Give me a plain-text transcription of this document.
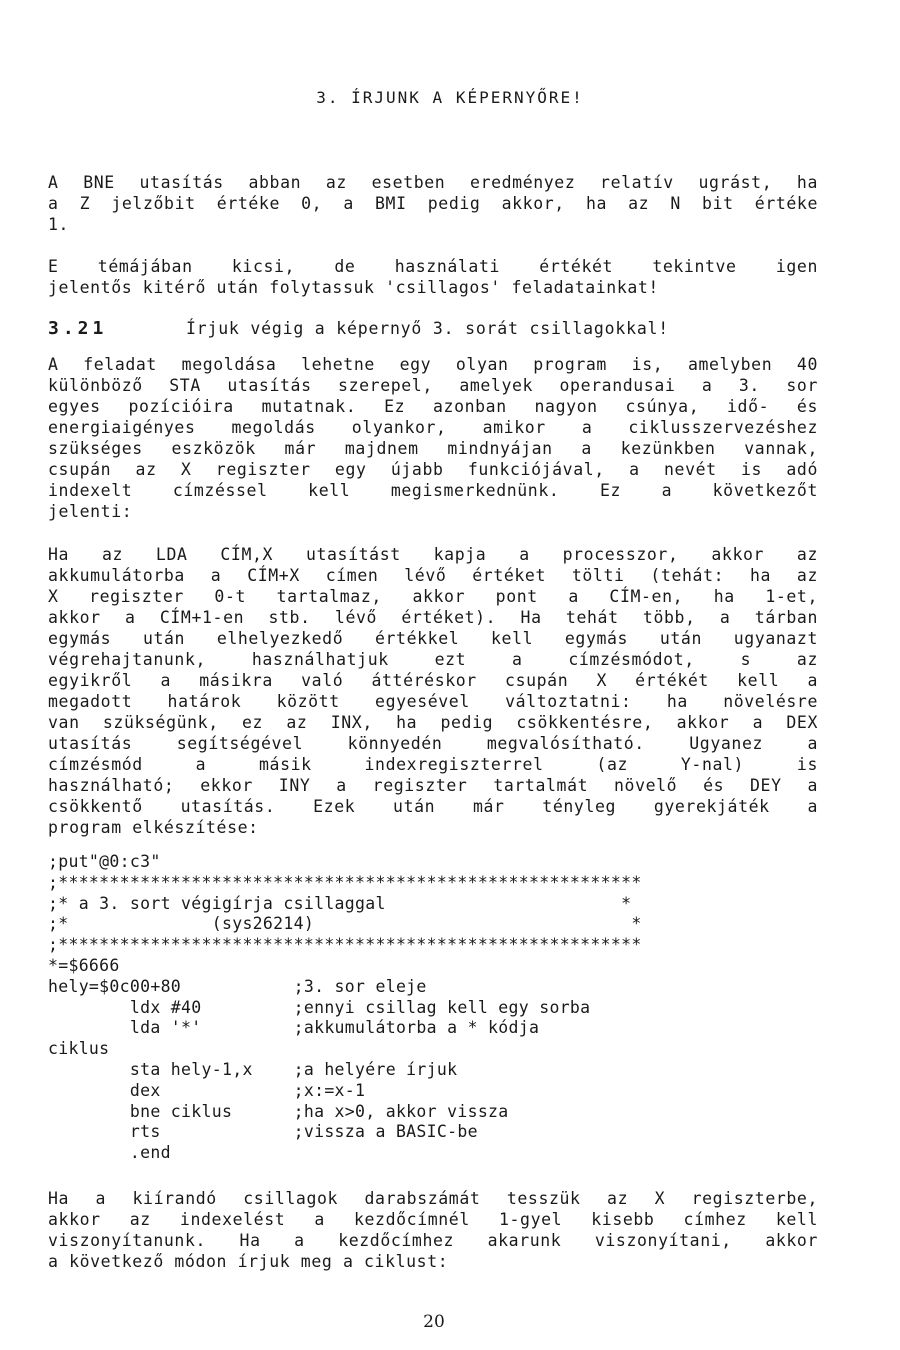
3. ÍRJUNK A KÉPERNYŐRE!
A BNE utasítás abban az esetben eredményez relatív ugrást, ha
a Z jelzőbit értéke 0, a BMI pedig akkor, ha az N bit értéke
1.
E témájában kicsi, de használati értékét tekintve igen
jelentős kitérő után folytassuk 'csillagos' feladatainkat!
3.21	Írjuk végig a képernyő 3. sorát csillagokkal!
A feladat megoldása lehetne egy olyan program is, amelyben 40
különböző STA utasítás szerepel, amelyek operandusai a 3. sor
egyes pozícióira mutatnak. Ez azonban nagyon csúnya, idő- és
energiaigényes megoldás olyankor, amikor a ciklusszervezéshez
szükséges eszközök már majdnem mindnyájan a kezünkben vannak,
csupán az X regiszter egy újabb funkciójával, a nevét is adó
indexelt címzéssel kell megismerkednünk. Ez a következőt
jelenti:
Ha az LDA CÍM,X utasítást kapja a processzor, akkor az
akkumulátorba a CÍM+X címen lévő értéket tölti (tehát: ha az
X regiszter 0-t tartalmaz, akkor pont a CÍM-en, ha 1-et,
akkor a CÍM+1-en stb. lévő értéket). Ha tehát több, a tárban
egymás után elhelyezkedő értékkel kell egymás után ugyanazt
végrehajtanunk, használhatjuk ezt a címzésmódot, s az
egyikről a másikra való áttéréskor csupán X értékét kell a
megadott határok között egyesével változtatni: ha növelésre
van szükségünk, ez az INX, ha pedig csökkentésre, akkor a DEX
utasítás segítségével könnyedén megvalósítható. Ugyanez a
címzésmód a másik indexregiszterrel (az Y-nal) is
használható; ekkor INY a regiszter tartalmát növelő és DEY a
csökkentő utasítás. Ezek után már tényleg gyerekjáték a
program elkészítése:
;put"@0:c3"
;*********************************************************
;* a 3. sort végigírja csillaggal                       *
;*              (sys26214)                               *
;*********************************************************
*=$6666
hely=$0c00+80           ;3. sor eleje
ldx #40         ;ennyi csillag kell egy sorba
lda '*'         ;akkumulátorba a * kódja
ciklus
sta hely-1,x    ;a helyére írjuk
dex             ;x:=x-1
bne ciklus      ;ha x>0, akkor vissza
rts             ;vissza a BASIC-be
.end
Ha a kiírandó csillagok darabszámát tesszük az X regiszterbe,
akkor az indexelést a kezdőcímnél 1-gyel kisebb címhez kell
viszonyítanunk. Ha a kezdőcímhez akarunk viszonyítani, akkor
a következő módon írjuk meg a ciklust:
20
